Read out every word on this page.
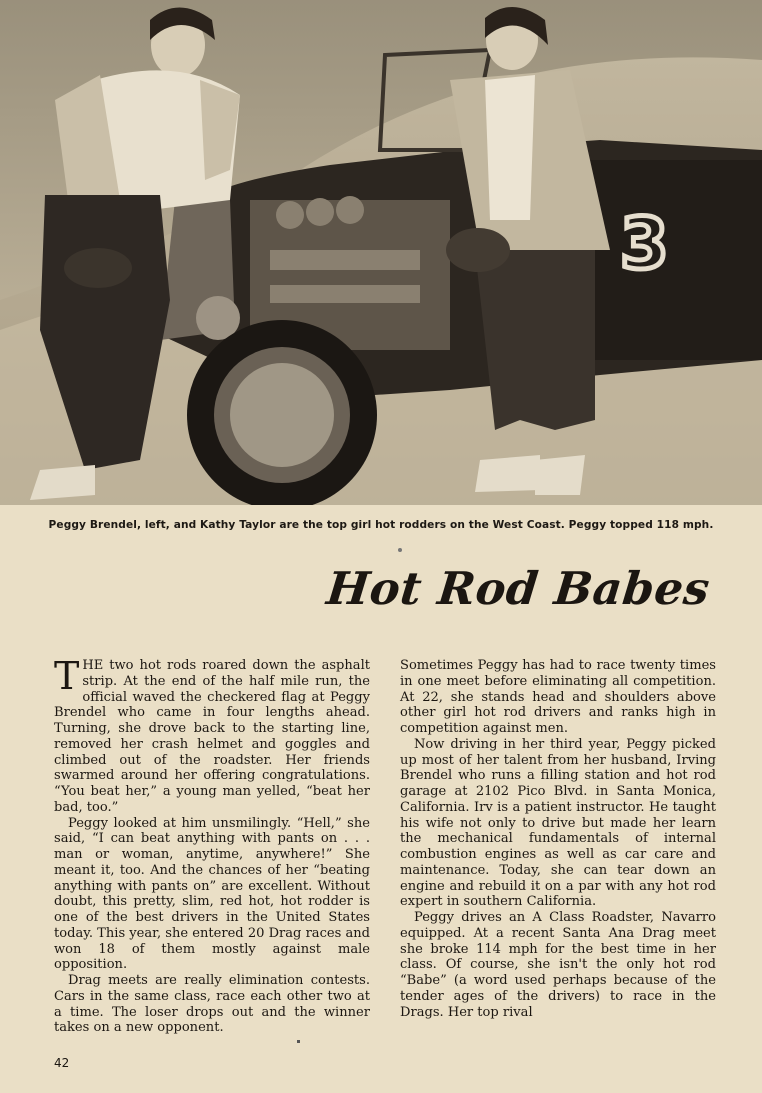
3
Peggy Brendel, left, and Kathy Taylor are the top girl hot rodders on the West Coast. Peggy topped 118 mph.
Hot Rod Babes

THE two hot rods roared down the asphalt strip. At the end of the half mile run, the official waved the checkered flag at Peggy Brendel who came in four lengths ahead. Turning, she drove back to the starting line, removed her crash helmet and goggles and climbed out of the roadster. Her friends swarmed around her offering congratulations. “You beat her,” a young man yelled, “beat her bad, too.”

Peggy looked at him unsmilingly. “Hell,” she said, “I can beat anything with pants on . . . man or woman, anytime, anywhere!” She meant it, too. And the chances of her “beating anything with pants on” are excellent. Without doubt, this pretty, slim, red hot, hot rodder is one of the best drivers in the United States today. This year, she entered 20 Drag races and won 18 of them mostly against male opposition.

Drag meets are really elimination contests. Cars in the same class, race each other two at a time. The loser drops out and the winner takes on a new opponent.

Sometimes Peggy has had to race twenty times in one meet before eliminating all competition. At 22, she stands head and shoulders above other girl hot rod drivers and ranks high in competition against men.

Now driving in her third year, Peggy picked up most of her talent from her husband, Irving Brendel who runs a filling station and hot rod garage at 2102 Pico Blvd. in Santa Monica, California. Irv is a patient instructor. He taught his wife not only to drive but made her learn the mechanical fundamentals of internal combustion engines as well as car care and maintenance. Today, she can tear down an engine and rebuild it on a par with any hot rod expert in southern California.

Peggy drives an A Class Roadster, Navarro equipped. At a recent Santa Ana Drag meet she broke 114 mph for the best time in her class. Of course, she isn't the only hot rod “Babe” (a word used perhaps because of the tender ages of the drivers) to race in the Drags. Her top rival

42
